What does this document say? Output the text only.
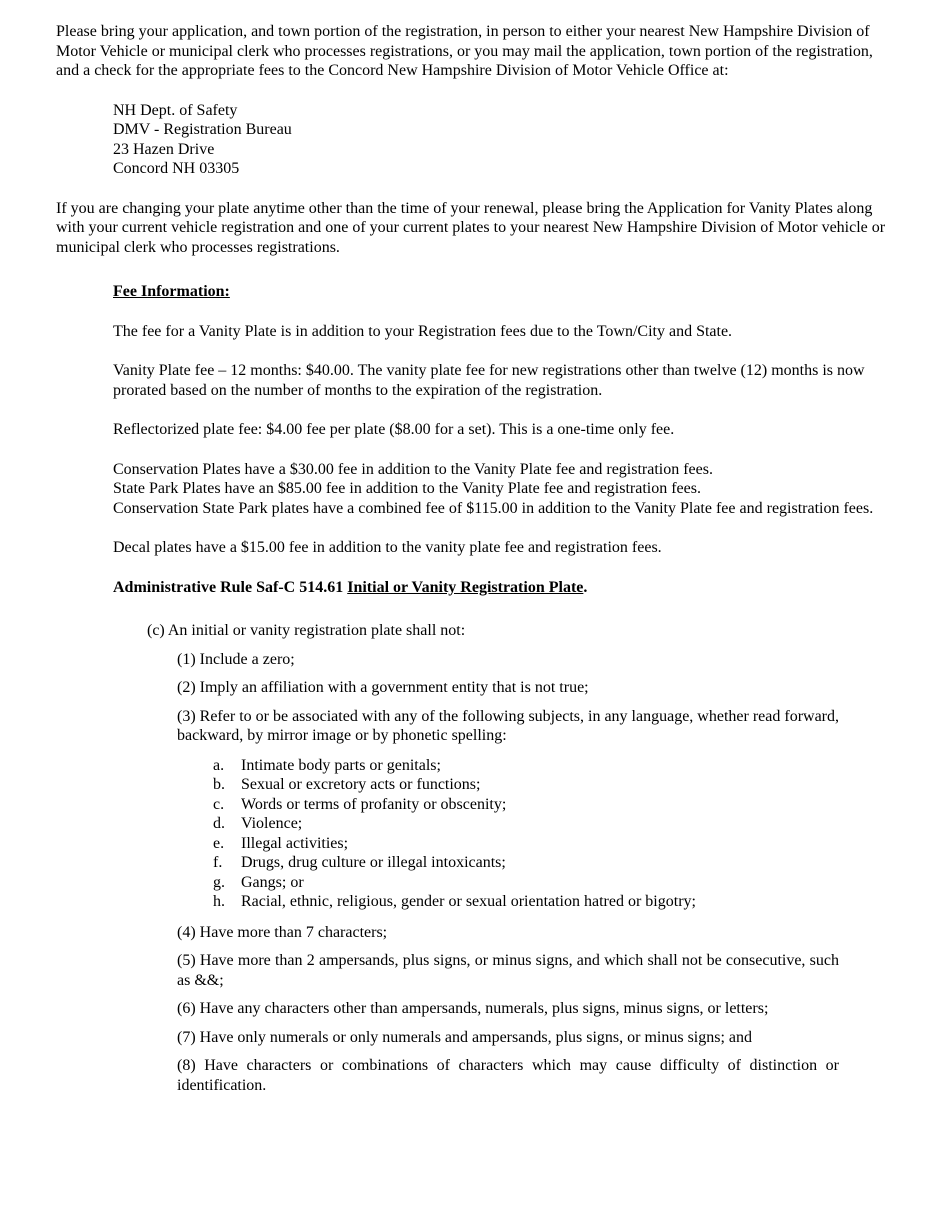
Please bring your application, and town portion of the registration, in person to either your nearest New Hampshire Division of Motor Vehicle or municipal clerk who processes registrations, or you may mail the application, town portion of the registration, and a check for the appropriate fees to the Concord New Hampshire Division of Motor Vehicle Office at:

NH Dept. of Safety
DMV - Registration Bureau
23 Hazen Drive
Concord NH 03305

If you are changing your plate anytime other than the time of your renewal, please bring the Application for Vanity Plates along with your current vehicle registration and one of your current plates to your nearest New Hampshire Division of Motor vehicle or municipal clerk who processes registrations.

Fee Information:

The fee for a Vanity Plate is in addition to your Registration fees due to the Town/City and State.

Vanity Plate fee – 12 months: $40.00. The vanity plate fee for new registrations other than twelve (12) months is now prorated based on the number of months to the expiration of the registration.

Reflectorized plate fee: $4.00 fee per plate ($8.00 for a set). This is a one-time only fee.

Conservation Plates have a $30.00 fee in addition to the Vanity Plate fee and registration fees.

State Park Plates have an $85.00 fee in addition to the Vanity Plate fee and registration fees.

Conservation State Park plates have a combined fee of $115.00 in addition to the Vanity Plate fee and registration fees.

Decal plates have a $15.00 fee in addition to the vanity plate fee and registration fees.

Administrative Rule Saf-C 514.61 Initial or Vanity Registration Plate.

(c) An initial or vanity registration plate shall not:

(1) Include a zero;

(2) Imply an affiliation with a government entity that is not true;

(3) Refer to or be associated with any of the following subjects, in any language, whether read forward, backward, by mirror image or by phonetic spelling:

a.	Intimate body parts or genitals;
b.	Sexual or excretory acts or functions;
c.	Words or terms of profanity or obscenity;
d.	Violence;
e.	Illegal activities;
f.	Drugs, drug culture or illegal intoxicants;
g.	Gangs; or
h.	Racial, ethnic, religious, gender or sexual orientation hatred or bigotry;

(4) Have more than 7 characters;

(5) Have more than 2 ampersands, plus signs, or minus signs, and which shall not be consecutive, such as &&;

(6) Have any characters other than ampersands, numerals, plus signs, minus signs, or letters;

(7) Have only numerals or only numerals and ampersands, plus signs, or minus signs; and

(8) Have characters or combinations of characters which may cause difficulty of distinction or identification.
